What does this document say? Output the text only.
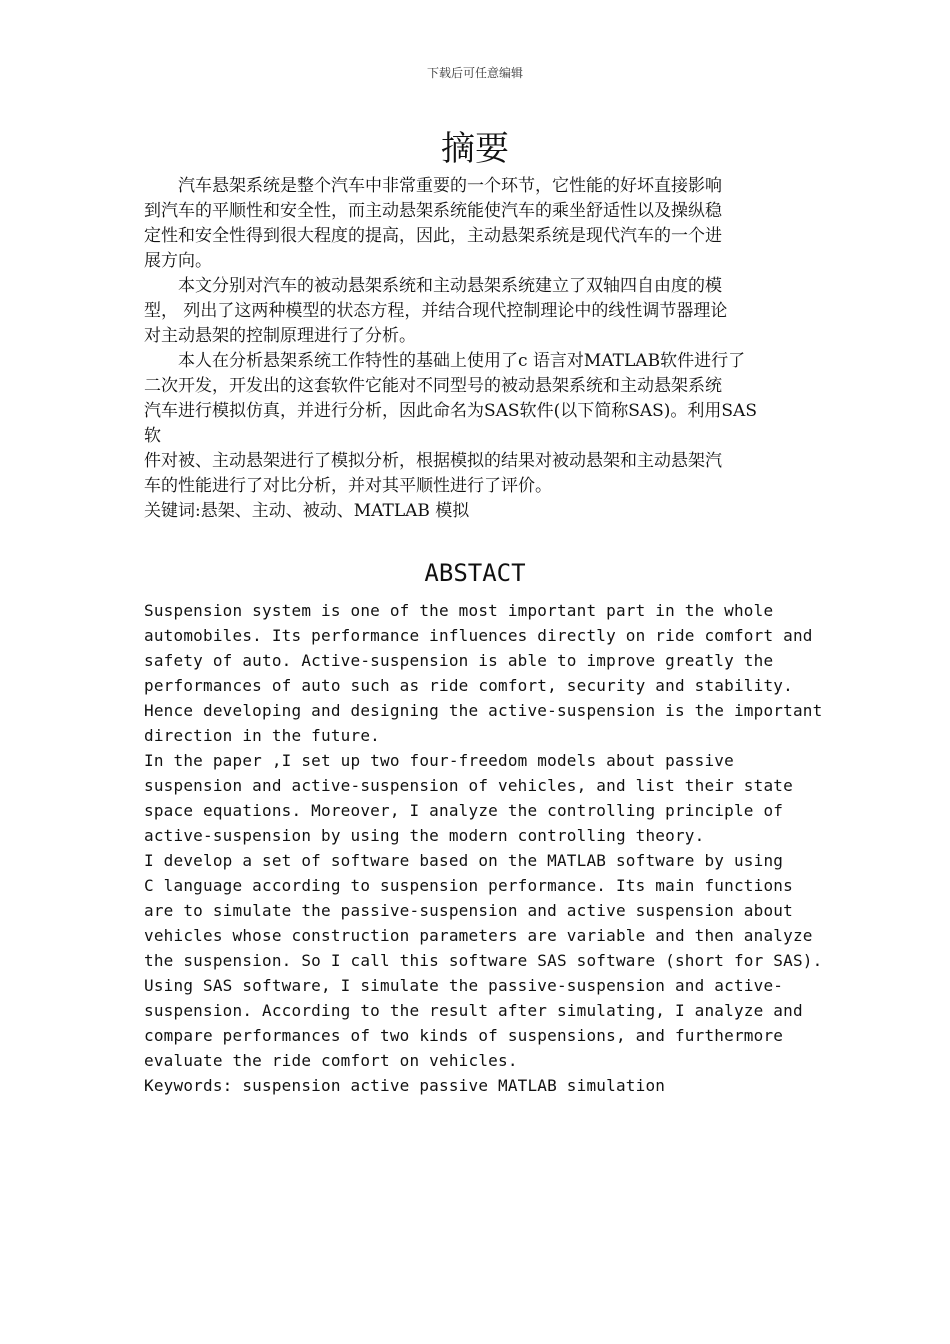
下载后可任意编辑
摘要

汽车悬架系统是整个汽车中非常重要的一个环节，它性能的好坏直接影响
到汽车的平顺性和安全性，而主动悬架系统能使汽车的乘坐舒适性以及操纵稳
定性和安全性得到很大程度的提高，因此，主动悬架系统是现代汽车的一个进
展方向。

本文分别对汽车的被动悬架系统和主动悬架系统建立了双轴四自由度的模
型， 列出了这两种模型的状态方程，并结合现代控制理论中的线性调节器理论
对主动悬架的控制原理进行了分析。

本人在分析悬架系统工作特性的基础上使用了c 语言对MATLAB软件进行了
二次开发，开发出的这套软件它能对不同型号的被动悬架系统和主动悬架系统
汽车进行模拟仿真，并进行分析，因此命名为SAS软件(以下简称SAS)。利用SAS
软
件对被、主动悬架进行了模拟分析，根据模拟的结果对被动悬架和主动悬架汽
车的性能进行了对比分析，并对其平顺性进行了评价。

关键词:悬架、主动、被动、MATLAB 模拟

ABSTACT

Suspension system is one of the most important part in the whole
automobiles. Its performance influences directly on ride comfort and
safety of auto. Active-suspension is able to improve greatly the
performances of auto such as ride comfort, security and stability.
Hence developing and designing the active-suspension is the important
direction in the future.

In the paper ,I set up two four-freedom models about passive
suspension and active-suspension of vehicles, and list their state
space equations. Moreover, I analyze the controlling principle of
active-suspension by using the modern controlling theory.

I develop a set of software based on the MATLAB software by using
C language according to suspension performance. Its main functions
are to simulate the passive-suspension and active suspension about
vehicles whose construction parameters are variable and then analyze
the suspension. So I call this software SAS software (short for SAS).
Using SAS software, I simulate the passive-suspension and active-
suspension. According to the result after simulating, I analyze and
compare performances of two kinds of suspensions, and furthermore
evaluate the ride comfort on vehicles.

Keywords: suspension active passive MATLAB simulation
